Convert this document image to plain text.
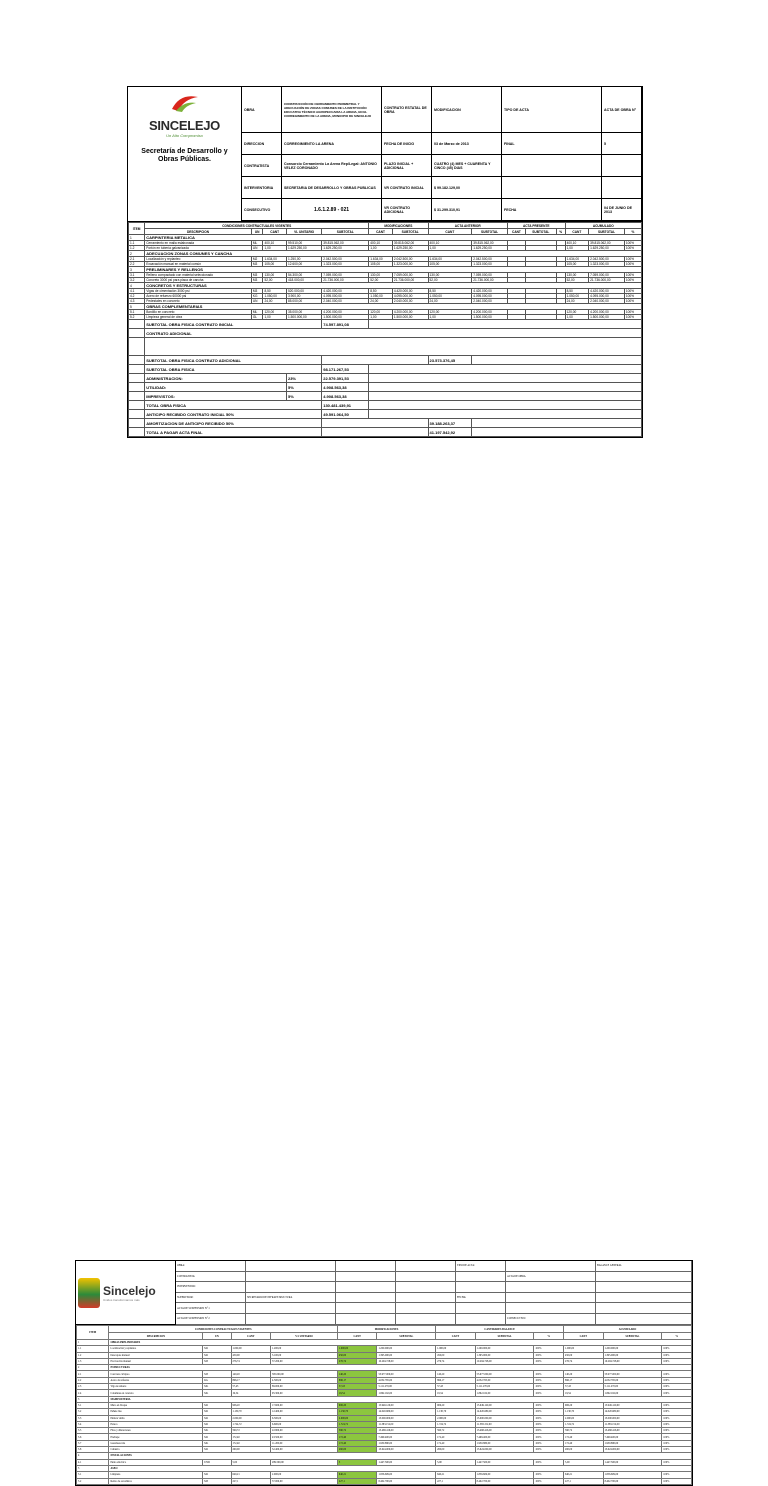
SINCELEJO
Un Alto Compromiso
Secretaría de Desarrollo y Obras Públicas.
OBRA
CONSTRUCCIÓN DE CERRAMIENTO PERIMETRAL Y ADECUACIÓN DE ZONAS COMUNES DE LA INSTITUCIÓN EDUCATIVA TÉCNICO AGROPECUARIA LA ARENA, EN EL CORREGIMIENTO DE LA ARENA, MUNICIPIO DE SINCELEJO
CONTRATO ESTATAL DE OBRA	MODIFICACION	TIPO DE ACTA	ACTA DE OBRA N°
DIRECCION	CORREGIMIENTO LA ARENA	FECHA DE INICIO	03 de Marzo de 2013	FINAL	5
CONTRATISTA	Consorcio Cerramiento La Arena Rep/Legal: ANTONIO VELEZ CORONADO
PLAZO INICIAL + ADICIONAL
CUATRO (4) MES + CUARENTA Y CINCO (45) DIAS
INTERVENTORIA	SECRETARIA DE DESARROLLO Y OBRAS PUBLICAS	VR CONTRATO INICIAL	$ 99.182.129,00
CONSECUTIVO	1.6.1.2.89 - 021	VR CONTRATO ADICIONAL	$ 31.299.310,91	FECHA	04 DE JUNIO DE 2013
ITEM	CONDICIONES CONTRACTUALES VIGENTES					MODIFICACIONES		ACTA ANTERIOR		ACTA PRESENTE			ACUMULADO		
	DESCRIPCION	UN	CANT	VL UNITARIO	SUBTOTAL	CANT	SUBTOTAL	CANT	SUBTOTAL	CANT	SUBTOTAL	%	CANT	SUBTOTAL	%
1	CARPINTERIA METALICA														
1.1	Cerramiento en malla eslabonada	ML	400,10	99.510,00	39.815.062,00	400,10	39.815.062,00	400,10	39.815.062,00				400,10	39.815.062,00	100%
1.2	Portón en tubería galvanizada	UN	1,00	1.629.250,00	1.629.250,00	1,00	1.629.250,00	1,00	1.629.250,00				1,00	1.629.250,00	100%
2	ADECUACION ZONAS COMUNES Y CANCHA														
2.1	Localización y replanteo	M2	1.634,00	1.250,00	2.042.500,00	1.634,00	2.042.500,00	1.634,00	2.042.500,00				1.634,00	2.042.500,00	100%
2.2	Excavación manual en material común	M3	105,00	12.600,00	1.323.000,00	105,00	1.323.000,00	105,00	1.323.000,00				105,00	1.323.000,00	100%
3	PRELIMINARES Y RELLENOS														
3.1	Relleno compactado con material seleccionado	M3	130,00	54.300,00	7.059.000,00	130,00	7.059.000,00	130,00	7.059.000,00				130,00	7.059.000,00	100%
3.2	Concreto 3000 psi para placa de cancha	M3	52,00	418.000,00	21.736.000,00	52,00	21.736.000,00	52,00	21.736.000,00				52,00	21.736.000,00	100%
4	CONCRETOS Y ESTRUCTURAS														
4.1	Vigas de cimentación 3000 psi	M3	8,50	520.000,00	4.420.000,00	8,50	4.420.000,00	8,50	4.420.000,00				8,50	4.420.000,00	100%
4.2	Acero de refuerzo 60000 psi	KG	1.050,00	3.900,00	4.095.000,00	1.050,00	4.095.000,00	1.050,00	4.095.000,00				1.050,00	4.095.000,00	100%
4.3	Pedestales en concreto	UN	24,00	85.000,00	2.040.000,00	24,00	2.040.000,00	24,00	2.040.000,00				24,00	2.040.000,00	100%
5	OBRAS COMPLEMENTARIAS														
5.1	Bordillo en concreto	ML	120,00	35.000,00	4.200.000,00	120,00	4.200.000,00	120,00	4.200.000,00				120,00	4.200.000,00	100%
5.2	Limpieza general de obra	GL	1,00	1.500.000,00	1.500.000,00	1,00	1.500.000,00	1,00	1.500.000,00				1,00	1.500.000,00	100%
	SUBTOTAL OBRA FISICA CONTRATO INICIAL				74.597.891,08										
	CONTRATO ADICIONAL														

	SUBTOTAL OBRA FISICA CONTRATO ADICIONAL							23.573.376,45							
	SUBTOTAL OBRA FISICA				98.171.267,53										
	ADMINISTRACION:			23%	22.579.391,53										
	UTILIDAD:			5%	4.908.563,38										
	IMPREVISTOS:			5%	4.908.563,38										
	TOTAL OBRA FISICA				130.481.439,91										
	ANTICIPO RECIBIDO CONTRATO INICIAL 50%				49.591.064,50										
	AMORTIZACION DE ANTICIPO RECIBIDO 50%							39.188.263,37							
	TOTAL A PAGAR ACTA FINAL							41.197.542,92							
Sincelejo
Unidos transformamos más
OBRA:	TIPO DE ACTA:	BALANCE GENERAL
CONTRATISTA:	ACTA DE OBRA
INTERVENTOR:
SUPERVISOR:	SECRETARIO DE INFRAESTRUCTURA	FECHA:
ACTA DE SUSPENSION N° 1
ACTA DE SUSPENSION N° 2	CONSECUTIVO:
ITEM	CONDICIONES CONTRACTUALES VIGENTES				MODIFICACIONES		CANTIDADES BALANCE			ACUMULADO		
	DESCRIPCION	UN	CANT	V/r UNITARIO	CANT	SUBTOTAL	CANT	SUBTOTAL	%	CANT	SUBTOTAL	%
1	OBRAS PRELIMINARES											
1.1	Localización y replanteo	M2	1.000,00	1.200,00	1.000,00	1.200.000,00	1.000,00	1.200.000,00	100%	1.000,00	1.200.000,00	100%
1.2	Descapote manual	M2	450,00	3.100,00	450,00	1.395.000,00	450,00	1.395.000,00	100%	450,00	1.395.000,00	100%
1.3	Excavación manual	M3	276,74	37.200,00	276,74	10.294.728,00	276,74	10.294.728,00	100%	276,74	10.294.728,00	100%
2	ESTRUCTURAS											
2.1	Concreto ciclópeo	M3	140,20	385.000,00	140,20	53.977.000,00	140,20	53.977.000,00	100%	140,20	53.977.000,00	100%
2.2	Acero de refuerzo	KG	896,17	4.500,00	896,17	4.032.765,00	896,17	4.032.765,00	100%	896,17	4.032.765,00	100%
2.3	Viga de amarre	ML	57,43	89.000,00	57,43	5.111.270,00	57,43	5.111.270,00	100%	57,43	5.111.270,00	100%
2.4	Columnas en concreto	ML	19,54	95.300,00	19,54	1.862.162,00	19,54	1.862.162,00	100%	19,54	1.862.162,00	100%
3	MAMPOSTERIA											
3.1	Muro en bloque	M2	906,20	17.600,00	906,20	15.949.120,00	906,20	15.949.120,00	100%	906,20	15.949.120,00	100%
3.2	Pañete liso	M2	1.130,70	12.400,00	1.130,70	14.020.680,00	1.130,70	14.020.680,00	100%	1.130,70	14.020.680,00	100%
3.3	Pintura vinilo	M2	2.000,00	6.500,00	2.000,00	13.000.000,00	2.000,00	13.000.000,00	100%	2.000,00	13.000.000,00	100%
3.4	Estuco	M2	1.724,72	6.600,00	1.724,72	11.383.152,00	1.724,72	11.383.152,00	100%	1.724,72	11.383.152,00	100%
3.5	Filos y dilataciones	ML	590,72	22.800,00	590,72	13.468.416,00	590,72	13.468.416,00	100%	590,72	13.468.416,00	100%
3.6	Enchape	M2	172,40	43.500,00	172,40	7.499.400,00	172,40	7.499.400,00	100%	172,40	7.499.400,00	100%
3.7	Guardaescoba	ML	172,40	11.200,00	172,40	1.930.880,00	172,40	1.930.880,00	100%	172,40	1.930.880,00	100%
3.8	Cubierta	M2	260,00	52.400,00	260,00	13.624.000,00	260,00	13.624.000,00	100%	260,00	13.624.000,00	100%
4	INSTALACIONES											
4.1	Punto eléctrico	UND	5,00	289.500,00	5	1.447.500,00	5,00	1.447.500,00	100%	5,00	1.447.500,00	100%
5	ASEO											
5.1	Limpieza	M2	640,21	2.900,00	640,21	1.856.609,00	640,21	1.856.609,00	100%	640,21	1.856.609,00	100%
5.2	Retiro de escombros	M3	227,1	37.000,00	227,1	8.402.700,00	227,1	8.402.700,00	100%	227,1	8.402.700,00	100%
